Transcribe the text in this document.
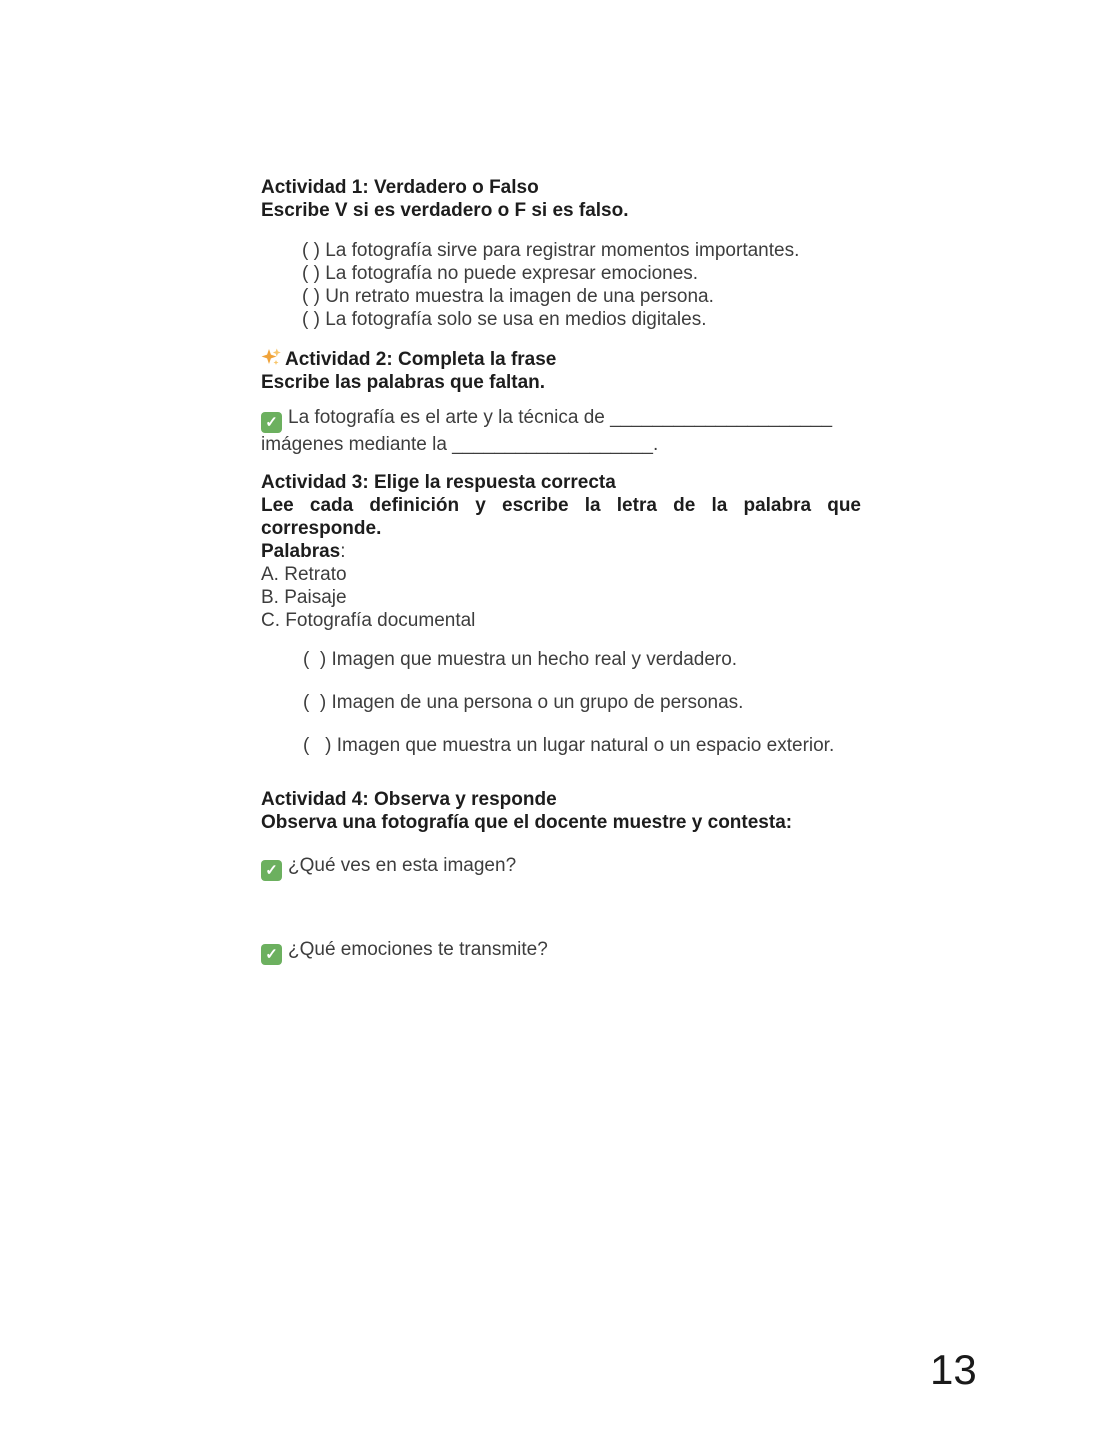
Actividad 1: Verdadero o Falso

Escribe V si es verdadero o F si es falso.

( ) La fotografía sirve para registrar momentos importantes.

( ) La fotografía no puede expresar emociones.

( ) Un retrato muestra la imagen de una persona.

( ) La fotografía solo se usa en medios digitales.

Actividad 2: Completa la frase

Escribe las palabras que faltan.

✓ La fotografía es el arte y la técnica de _____________________

imágenes mediante la ___________________.

Actividad 3: Elige la respuesta correcta

Lee cada definición y escribe la letra de la palabra que corresponde.

Palabras:

A. Retrato

B. Paisaje

C. Fotografía documental

(  ) Imagen que muestra un hecho real y verdadero.

(  ) Imagen de una persona o un grupo de personas.

(   ) Imagen que muestra un lugar natural o un espacio exterior.

Actividad 4: Observa y responde

Observa una fotografía que el docente muestre y contesta:

✓ ¿Qué ves en esta imagen?

✓ ¿Qué emociones te transmite?

13
